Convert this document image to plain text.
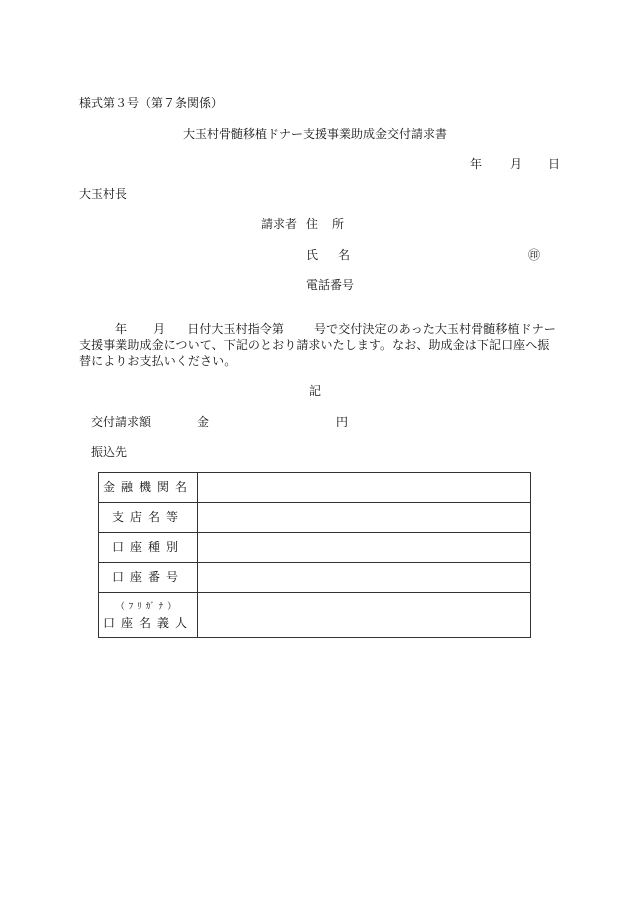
様式第３号（第７条関係）
大玉村骨髄移植ドナー支援事業助成金交付請求書
年 月 日
大玉村長
請求者 住所
氏名	㊞
電話番号
年 月 日付大玉村指令第	号で交付決定のあった大玉村骨髄移植ドナー支援事業助成金について、下記のとおり請求いたします。なお、助成金は下記口座へ振替によりお支払いください。
記
交付請求額	金	円
振込先
金融機関名	
支店名等	
口座種別	
口座番号	

（ﾌﾘｶﾞﾅ）
口座名義人	
